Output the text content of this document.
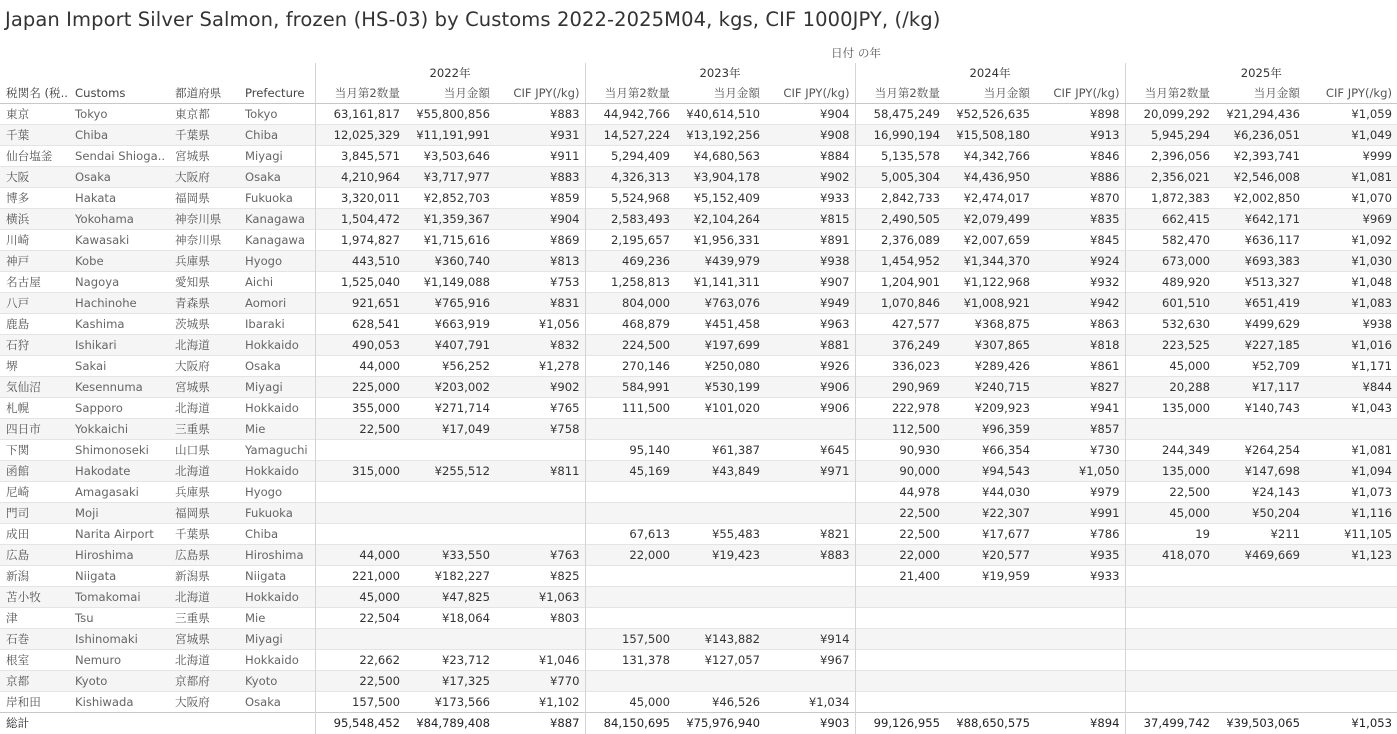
Japan Import Silver Salmon, frozen (HS-03) by Customs 2022-2025M04, kgs, CIF 1000JPY, (/kg)
				日付 の年											
				2022年			2023年			2024年			2025年		
税関名 (税..	Customs	都道府県	Prefecture	当月第2数量	当月金額	CIF JPY(/kg)	当月第2数量	当月金額	CIF JPY(/kg)	当月第2数量	当月金額	CIF JPY(/kg)	当月第2数量	当月金額	CIF JPY(/kg)
東京	Tokyo	東京都	Tokyo	63,161,817	¥55,800,856	¥883	44,942,766	¥40,614,510	¥904	58,475,249	¥52,526,635	¥898	20,099,292	¥21,294,436	¥1,059
千葉	Chiba	千葉県	Chiba	12,025,329	¥11,191,991	¥931	14,527,224	¥13,192,256	¥908	16,990,194	¥15,508,180	¥913	5,945,294	¥6,236,051	¥1,049
仙台塩釜	Sendai Shioga..	宮城県	Miyagi	3,845,571	¥3,503,646	¥911	5,294,409	¥4,680,563	¥884	5,135,578	¥4,342,766	¥846	2,396,056	¥2,393,741	¥999
大阪	Osaka	大阪府	Osaka	4,210,964	¥3,717,977	¥883	4,326,313	¥3,904,178	¥902	5,005,304	¥4,436,950	¥886	2,356,021	¥2,546,008	¥1,081
博多	Hakata	福岡県	Fukuoka	3,320,011	¥2,852,703	¥859	5,524,968	¥5,152,409	¥933	2,842,733	¥2,474,017	¥870	1,872,383	¥2,002,850	¥1,070
横浜	Yokohama	神奈川県	Kanagawa	1,504,472	¥1,359,367	¥904	2,583,493	¥2,104,264	¥815	2,490,505	¥2,079,499	¥835	662,415	¥642,171	¥969
川崎	Kawasaki	神奈川県	Kanagawa	1,974,827	¥1,715,616	¥869	2,195,657	¥1,956,331	¥891	2,376,089	¥2,007,659	¥845	582,470	¥636,117	¥1,092
神戸	Kobe	兵庫県	Hyogo	443,510	¥360,740	¥813	469,236	¥439,979	¥938	1,454,952	¥1,344,370	¥924	673,000	¥693,383	¥1,030
名古屋	Nagoya	愛知県	Aichi	1,525,040	¥1,149,088	¥753	1,258,813	¥1,141,311	¥907	1,204,901	¥1,122,968	¥932	489,920	¥513,327	¥1,048
八戸	Hachinohe	青森県	Aomori	921,651	¥765,916	¥831	804,000	¥763,076	¥949	1,070,846	¥1,008,921	¥942	601,510	¥651,419	¥1,083
鹿島	Kashima	茨城県	Ibaraki	628,541	¥663,919	¥1,056	468,879	¥451,458	¥963	427,577	¥368,875	¥863	532,630	¥499,629	¥938
石狩	Ishikari	北海道	Hokkaido	490,053	¥407,791	¥832	224,500	¥197,699	¥881	376,249	¥307,865	¥818	223,525	¥227,185	¥1,016
堺	Sakai	大阪府	Osaka	44,000	¥56,252	¥1,278	270,146	¥250,080	¥926	336,023	¥289,426	¥861	45,000	¥52,709	¥1,171
気仙沼	Kesennuma	宮城県	Miyagi	225,000	¥203,002	¥902	584,991	¥530,199	¥906	290,969	¥240,715	¥827	20,288	¥17,117	¥844
札幌	Sapporo	北海道	Hokkaido	355,000	¥271,714	¥765	111,500	¥101,020	¥906	222,978	¥209,923	¥941	135,000	¥140,743	¥1,043
四日市	Yokkaichi	三重県	Mie	22,500	¥17,049	¥758				112,500	¥96,359	¥857			
下関	Shimonoseki	山口県	Yamaguchi				95,140	¥61,387	¥645	90,930	¥66,354	¥730	244,349	¥264,254	¥1,081
函館	Hakodate	北海道	Hokkaido	315,000	¥255,512	¥811	45,169	¥43,849	¥971	90,000	¥94,543	¥1,050	135,000	¥147,698	¥1,094
尼崎	Amagasaki	兵庫県	Hyogo							44,978	¥44,030	¥979	22,500	¥24,143	¥1,073
門司	Moji	福岡県	Fukuoka							22,500	¥22,307	¥991	45,000	¥50,204	¥1,116
成田	Narita Airport	千葉県	Chiba				67,613	¥55,483	¥821	22,500	¥17,677	¥786	19	¥211	¥11,105
広島	Hiroshima	広島県	Hiroshima	44,000	¥33,550	¥763	22,000	¥19,423	¥883	22,000	¥20,577	¥935	418,070	¥469,669	¥1,123
新潟	Niigata	新潟県	Niigata	221,000	¥182,227	¥825				21,400	¥19,959	¥933			
苫小牧	Tomakomai	北海道	Hokkaido	45,000	¥47,825	¥1,063									
津	Tsu	三重県	Mie	22,504	¥18,064	¥803									
石巻	Ishinomaki	宮城県	Miyagi				157,500	¥143,882	¥914						
根室	Nemuro	北海道	Hokkaido	22,662	¥23,712	¥1,046	131,378	¥127,057	¥967						
京都	Kyoto	京都府	Kyoto	22,500	¥17,325	¥770									
岸和田	Kishiwada	大阪府	Osaka	157,500	¥173,566	¥1,102	45,000	¥46,526	¥1,034						
総計				95,548,452	¥84,789,408	¥887	84,150,695	¥75,976,940	¥903	99,126,955	¥88,650,575	¥894	37,499,742	¥39,503,065	¥1,053
